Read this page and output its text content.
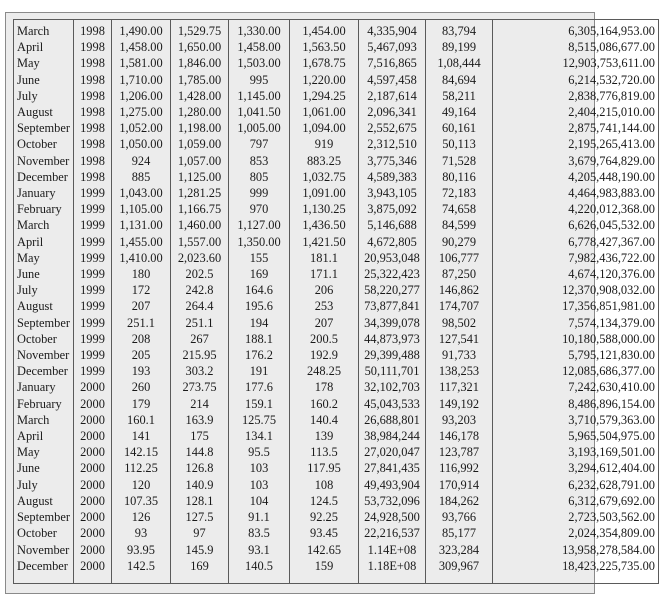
March	1998	1,490.00	1,529.75	1,330.00	1,454.00	4,335,904	83,794	6,305,164,953.00
April	1998	1,458.00	1,650.00	1,458.00	1,563.50	5,467,093	89,199	8,515,086,677.00
May	1998	1,581.00	1,846.00	1,503.00	1,678.75	7,516,865	1,08,444	12,903,753,611.00
June	1998	1,710.00	1,785.00	995	1,220.00	4,597,458	84,694	6,214,532,720.00
July	1998	1,206.00	1,428.00	1,145.00	1,294.25	2,187,614	58,211	2,838,776,819.00
August	1998	1,275.00	1,280.00	1,041.50	1,061.00	2,096,341	49,164	2,404,215,010.00
September	1998	1,052.00	1,198.00	1,005.00	1,094.00	2,552,675	60,161	2,875,741,144.00
October	1998	1,050.00	1,059.00	797	919	2,312,510	50,113	2,195,265,413.00
November	1998	924	1,057.00	853	883.25	3,775,346	71,528	3,679,764,829.00
December	1998	885	1,125.00	805	1,032.75	4,589,383	80,116	4,205,448,190.00
January	1999	1,043.00	1,281.25	999	1,091.00	3,943,105	72,183	4,464,983,883.00
February	1999	1,105.00	1,166.75	970	1,130.25	3,875,092	74,658	4,220,012,368.00
March	1999	1,131.00	1,460.00	1,127.00	1,436.50	5,146,688	84,599	6,626,045,532.00
April	1999	1,455.00	1,557.00	1,350.00	1,421.50	4,672,805	90,279	6,778,427,367.00
May	1999	1,410.00	2,023.60	155	181.1	20,953,048	106,777	7,982,436,722.00
June	1999	180	202.5	169	171.1	25,322,423	87,250	4,674,120,376.00
July	1999	172	242.8	164.6	206	58,220,277	146,862	12,370,908,032.00
August	1999	207	264.4	195.6	253	73,877,841	174,707	17,356,851,981.00
September	1999	251.1	251.1	194	207	34,399,078	98,502	7,574,134,379.00
October	1999	208	267	188.1	200.5	44,873,973	127,541	10,180,588,000.00
November	1999	205	215.95	176.2	192.9	29,399,488	91,733	5,795,121,830.00
December	1999	193	303.2	191	248.25	50,111,701	138,253	12,085,686,377.00
January	2000	260	273.75	177.6	178	32,102,703	117,321	7,242,630,410.00
February	2000	179	214	159.1	160.2	45,043,533	149,192	8,486,896,154.00
March	2000	160.1	163.9	125.75	140.4	26,688,801	93,203	3,710,579,363.00
April	2000	141	175	134.1	139	38,984,244	146,178	5,965,504,975.00
May	2000	142.15	144.8	95.5	113.5	27,020,047	123,787	3,193,169,501.00
June	2000	112.25	126.8	103	117.95	27,841,435	116,992	3,294,612,404.00
July	2000	120	140.9	103	108	49,493,904	170,914	6,232,628,791.00
August	2000	107.35	128.1	104	124.5	53,732,096	184,262	6,312,679,692.00
September	2000	126	127.5	91.1	92.25	24,928,500	93,766	2,723,503,562.00
October	2000	93	97	83.5	93.45	22,216,537	85,177	2,024,354,809.00
November	2000	93.95	145.9	93.1	142.65	1.14E+08	323,284	13,958,278,584.00
December	2000	142.5	169	140.5	159	1.18E+08	309,967	18,423,225,735.00
